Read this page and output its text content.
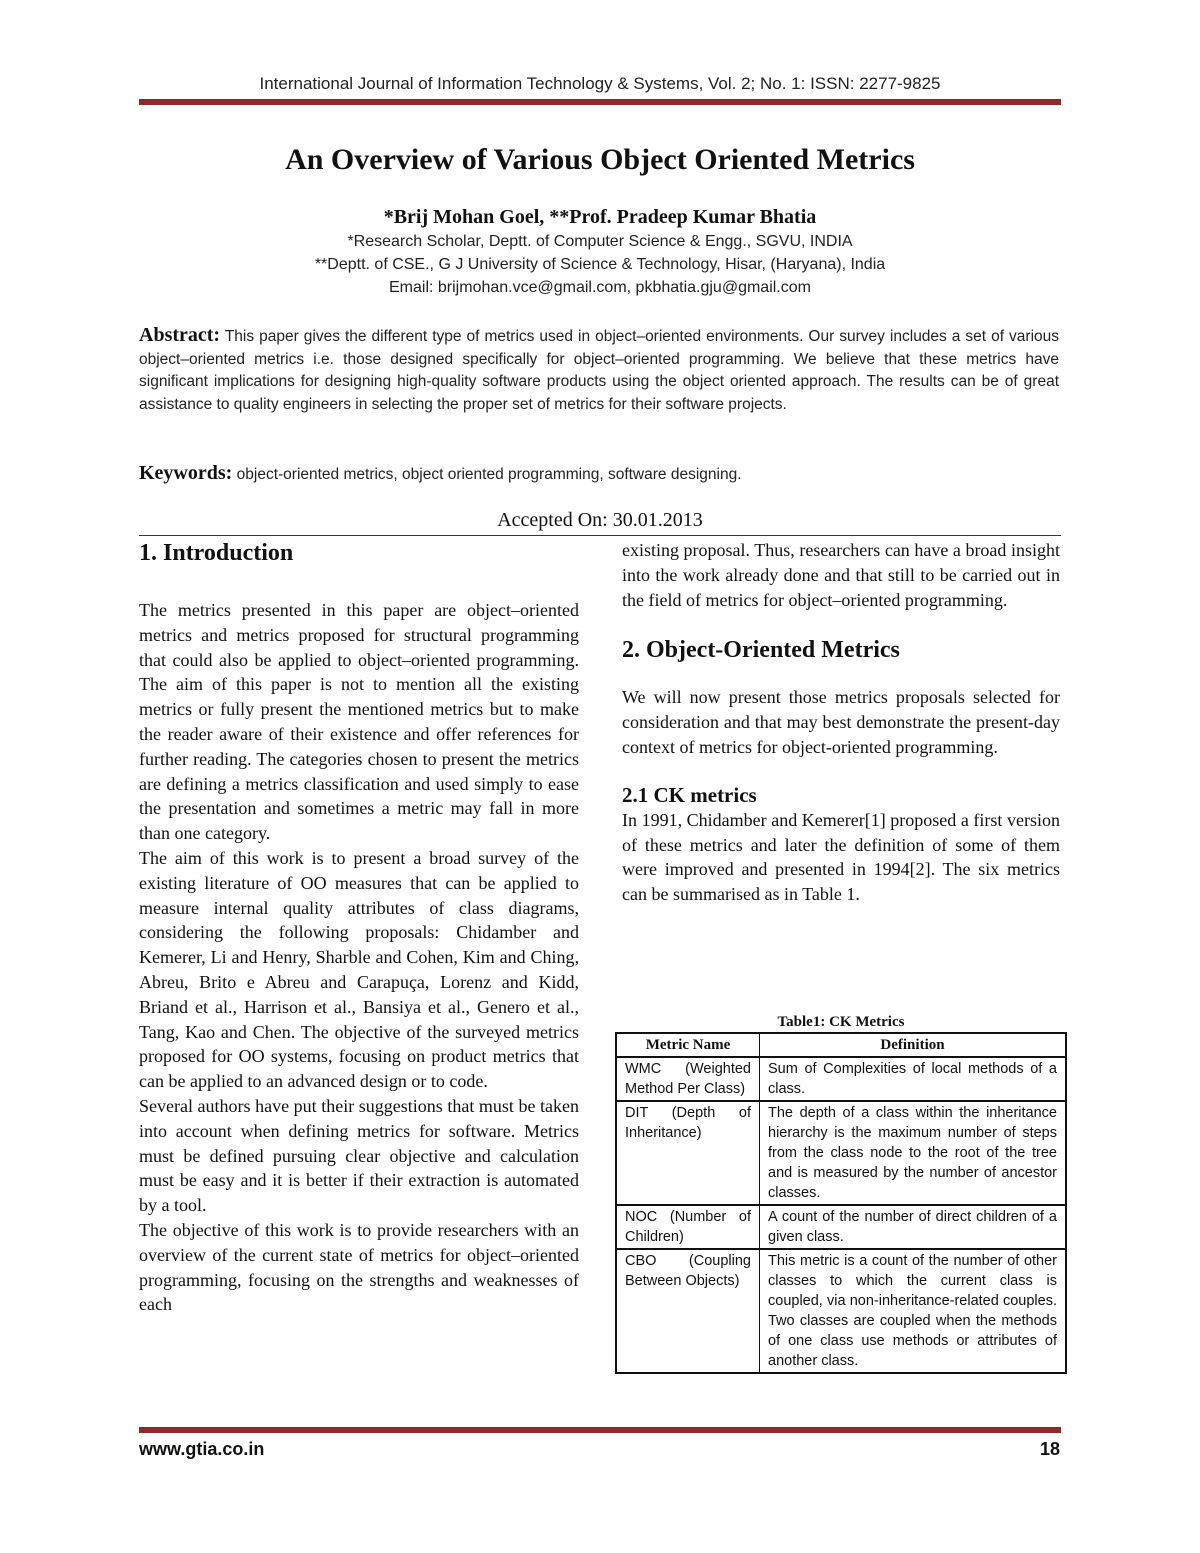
International Journal of Information Technology & Systems, Vol. 2; No. 1: ISSN: 2277-9825
An Overview of Various Object Oriented Metrics
*Brij Mohan Goel, **Prof. Pradeep Kumar Bhatia
*Research Scholar, Deptt. of Computer Science & Engg., SGVU, INDIA
**Deptt. of CSE., G J University of Science & Technology, Hisar, (Haryana), India
Email: brijmohan.vce@gmail.com, pkbhatia.gju@gmail.com
Abstract: This paper gives the different type of metrics used in object–oriented environments. Our survey includes a set of various object–oriented metrics i.e. those designed specifically for object–oriented programming. We believe that these metrics have significant implications for designing high-quality software products using the object oriented approach. The results can be of great assistance to quality engineers in selecting the proper set of metrics for their software projects.
Keywords: object-oriented metrics, object oriented programming, software designing.
Accepted On: 30.01.2013

1. Introduction

The metrics presented in this paper are object–oriented metrics and metrics proposed for structural programming that could also be applied to object–oriented programming. The aim of this paper is not to mention all the existing metrics or fully present the mentioned metrics but to make the reader aware of their existence and offer references for further reading. The categories chosen to present the metrics are defining a metrics classification and used simply to ease the presentation and sometimes a metric may fall in more than one category.

The aim of this work is to present a broad survey of the existing literature of OO measures that can be applied to measure internal quality attributes of class diagrams, considering the following proposals: Chidamber and Kemerer, Li and Henry, Sharble and Cohen, Kim and Ching, Abreu, Brito e Abreu and Carapuça, Lorenz and Kidd, Briand et al., Harrison et al., Bansiya et al., Genero et al., Tang, Kao and Chen. The objective of the surveyed metrics proposed for OO systems, focusing on product metrics that can be applied to an advanced design or to code.

Several authors have put their suggestions that must be taken into account when defining metrics for software. Metrics must be defined pursuing clear objective and calculation must be easy and it is better if their extraction is automated by a tool.

The objective of this work is to provide researchers with an overview of the current state of metrics for object–oriented programming, focusing on the strengths and weaknesses of each

existing proposal. Thus, researchers can have a broad insight into the work already done and that still to be carried out in the field of metrics for object–oriented programming.

2. Object-Oriented Metrics

We will now present those metrics proposals selected for consideration and that may best demonstrate the present-day context of metrics for object-oriented programming.

2.1 CK metrics

In 1991, Chidamber and Kemerer[1] proposed a first version of these metrics and later the definition of some of them were improved and presented in 1994[2]. The six metrics can be summarised as in Table 1.

Table1: CK Metrics
Metric Name	Definition
WMC (Weighted Method Per Class)	Sum of Complexities of local methods of a class.
DIT (Depth of Inheritance)	The depth of a class within the inheritance hierarchy is the maximum number of steps from the class node to the root of the tree and is measured by the number of ancestor classes.
NOC (Number of Children)	A count of the number of direct children of a given class.
CBO (Coupling Between Objects)	This metric is a count of the number of other classes to which the current class is coupled, via non-inheritance-related couples. Two classes are coupled when the methods of one class use methods or attributes of another class.
www.gtia.co.in	18
